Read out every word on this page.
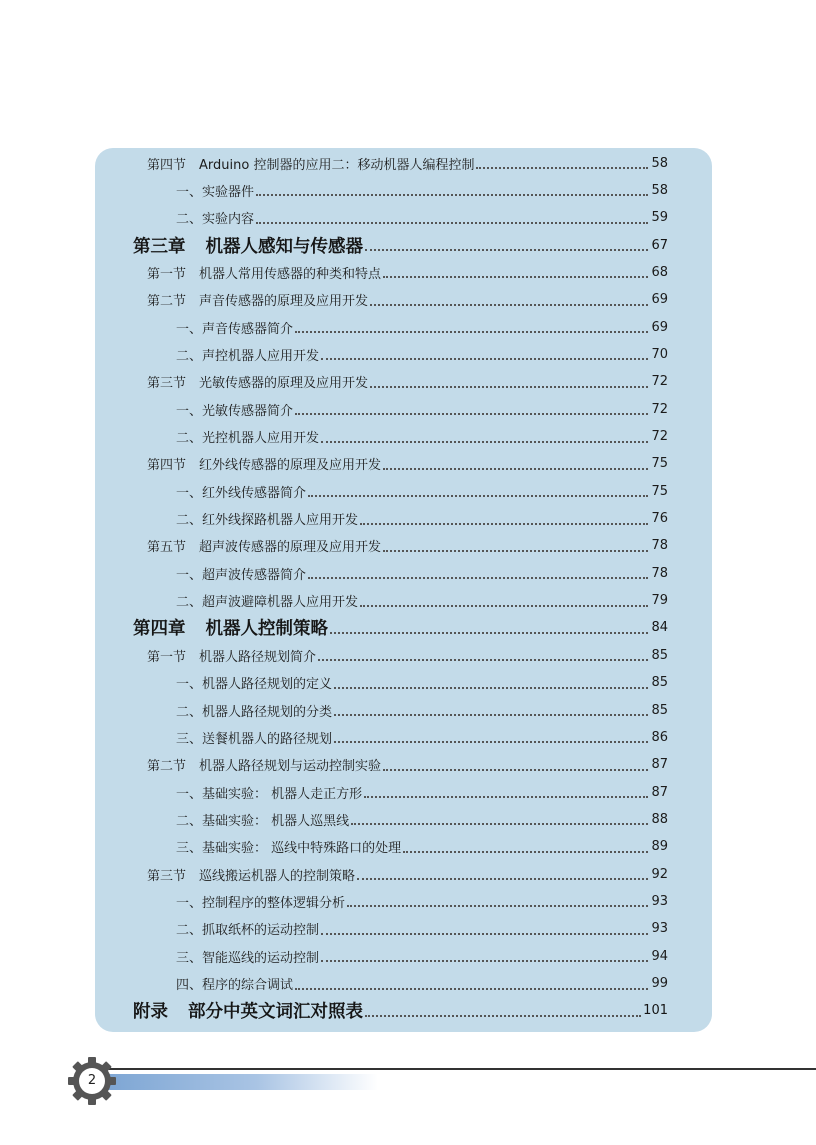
第四节 Arduino 控制器的应用二：移动机器人编程控制	58
一、实验器件	58
二、实验内容	59
第三章 机器人感知与传感器	67
第一节 机器人常用传感器的种类和特点	68
第二节 声音传感器的原理及应用开发	69
一、声音传感器简介	69
二、声控机器人应用开发	70
第三节 光敏传感器的原理及应用开发	72
一、光敏传感器简介	72
二、光控机器人应用开发	72
第四节 红外线传感器的原理及应用开发	75
一、红外线传感器简介	75
二、红外线探路机器人应用开发	76
第五节 超声波传感器的原理及应用开发	78
一、超声波传感器简介	78
二、超声波避障机器人应用开发	79
第四章 机器人控制策略	84
第一节 机器人路径规划简介	85
一、机器人路径规划的定义	85
二、机器人路径规划的分类	85
三、送餐机器人的路径规划	86
第二节 机器人路径规划与运动控制实验	87
一、基础实验： 机器人走正方形	87
二、基础实验： 机器人巡黑线	88
三、基础实验： 巡线中特殊路口的处理	89
第三节 巡线搬运机器人的控制策略	92
一、控制程序的整体逻辑分析	93
二、抓取纸杯的运动控制	93
三、智能巡线的运动控制	94
四、程序的综合调试	99
附录 部分中英文词汇对照表	101
2
